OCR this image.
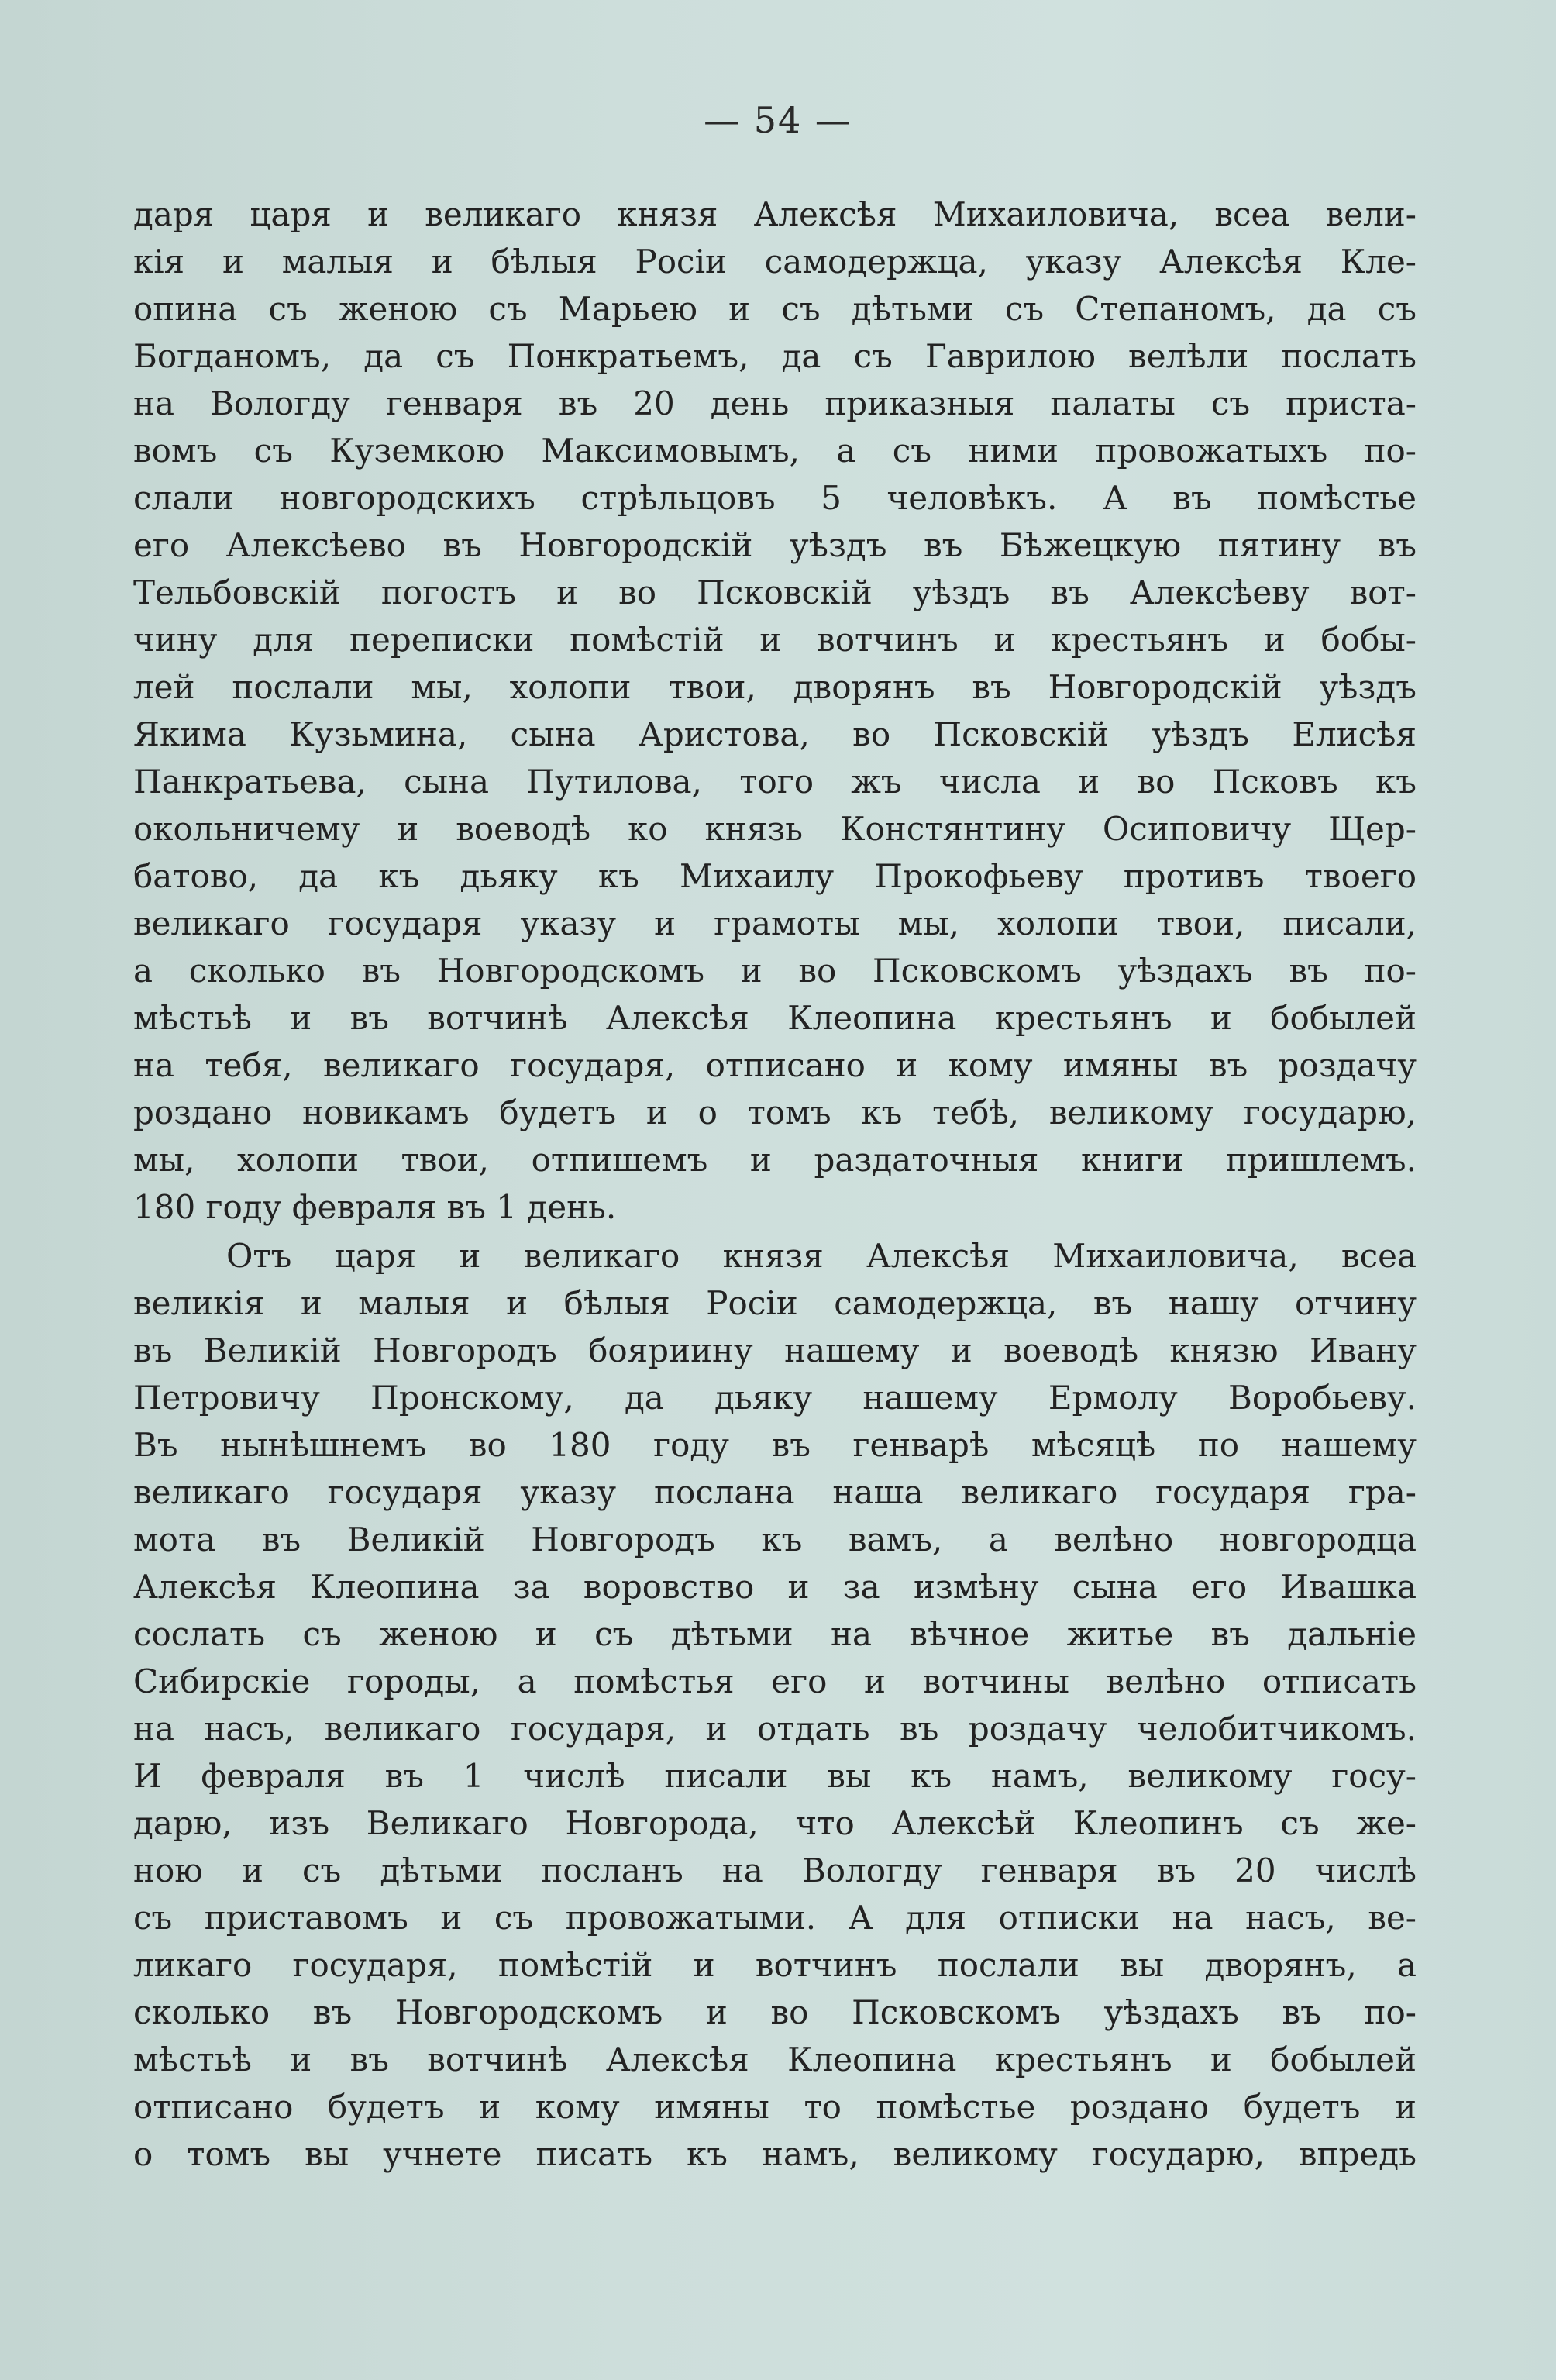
— 54 —
даря царя и великаго князя Алексѣя Михаиловича, всеа вели-
кія и малыя и бѣлыя Росіи самодержца, указу Алексѣя Кле-
опина съ женою съ Марьею и съ дѣтьми съ Степаномъ, да съ
Богданомъ, да съ Понкратьемъ, да съ Гаврилою велѣли послать
на Вологду генваря въ 20 день приказныя палаты съ приста-
вомъ съ Куземкою Максимовымъ, а съ ними провожатыхъ по-
слали новгородскихъ стрѣльцовъ 5 человѣкъ. А въ помѣстье
его Алексѣево въ Новгородскій уѣздъ въ Бѣжецкую пятину въ
Тельбовскій погостъ и во Псковскій уѣздъ въ Алексѣеву вот-
чину для переписки помѣстій и вотчинъ и крестьянъ и бобы-
лей послали мы, холопи твои, дворянъ въ Новгородскій уѣздъ
Якима Кузьмина, сына Аристова, во Псковскій уѣздъ Елисѣя
Панкратьева, сына Путилова, того жъ числа и во Псковъ къ
окольничему и воеводѣ ко князь Констянтину Осиповичу Щер-
батово, да къ дьяку къ Михаилу Прокофьеву противъ твоего
великаго государя указу и грамоты мы, холопи твои, писали,
а сколько въ Новгородскомъ и во Псковскомъ уѣздахъ въ по-
мѣстьѣ и въ вотчинѣ Алексѣя Клеопина крестьянъ и бобылей
на тебя, великаго государя, отписано и кому имяны въ роздачу
роздано новикамъ будетъ и о томъ къ тебѣ, великому государю,
мы, холопи твои, отпишемъ и раздаточныя книги пришлемъ.
180 году февраля въ 1 день.
Отъ царя и великаго князя Алексѣя Михаиловича, всеа
великія и малыя и бѣлыя Росіи самодержца, въ нашу отчину
въ Великій Новгородъ бояриину нашему и воеводѣ князю Ивану
Петровичу Пронскому, да дьяку нашему Ермолу Воробьеву.
Въ нынѣшнемъ во 180 году въ генварѣ мѣсяцѣ по нашему
великаго государя указу послана наша великаго государя гра-
мота въ Великій Новгородъ къ вамъ, а велѣно новгородца
Алексѣя Клеопина за воровство и за измѣну сына его Ивашка
сослать съ женою и съ дѣтьми на вѣчное житье въ дальніе
Сибирскіе городы, а помѣстья его и вотчины велѣно отписать
на насъ, великаго государя, и отдать въ роздачу челобитчикомъ.
И февраля въ 1 числѣ писали вы къ намъ, великому госу-
дарю, изъ Великаго Новгорода, что Алексѣй Клеопинъ съ же-
ною и съ дѣтьми посланъ на Вологду генваря въ 20 числѣ
съ приставомъ и съ провожатыми. А для отписки на насъ, ве-
ликаго государя, помѣстій и вотчинъ послали вы дворянъ, а
сколько въ Новгородскомъ и во Псковскомъ уѣздахъ въ по-
мѣстьѣ и въ вотчинѣ Алексѣя Клеопина крестьянъ и бобылей
отписано будетъ и кому имяны то помѣстье роздано будетъ и
о томъ вы учнете писать къ намъ, великому государю, впредь
